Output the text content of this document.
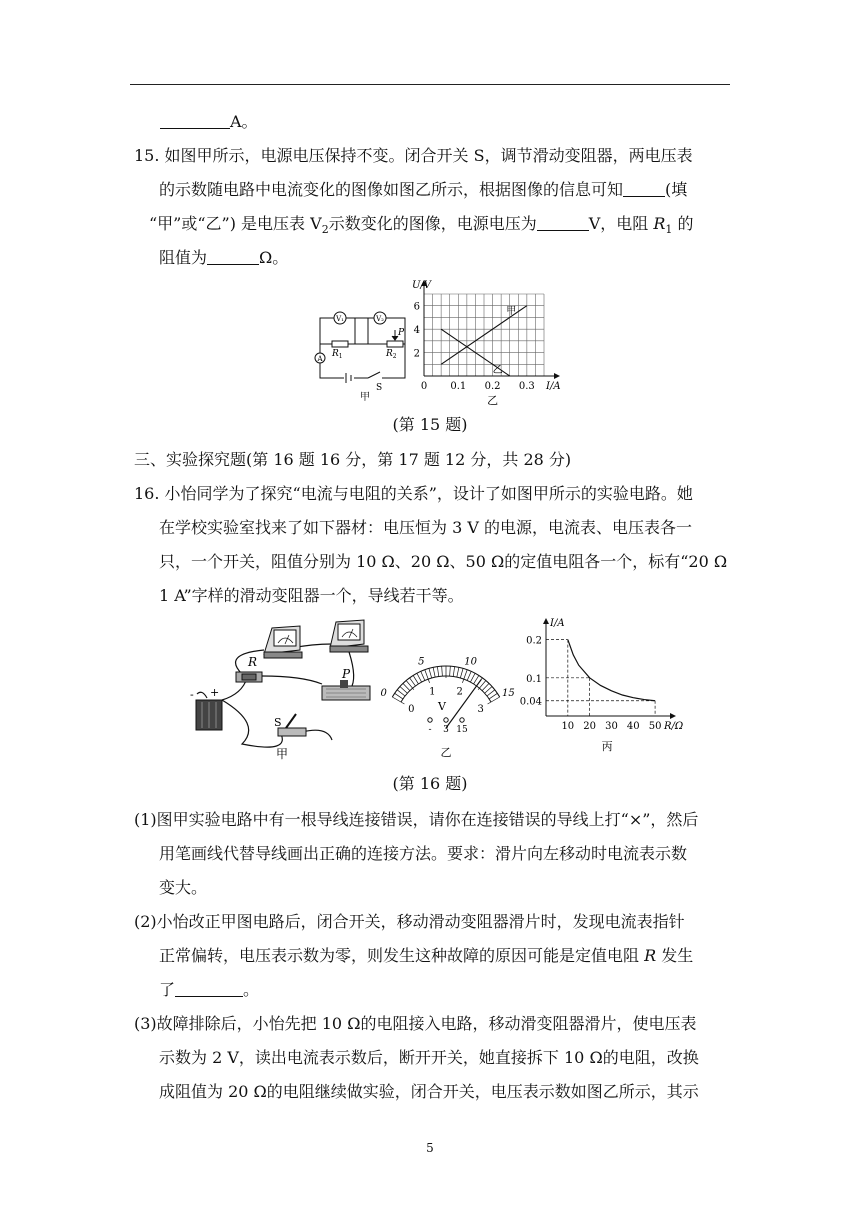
A。
15. 如图甲所示，电源电压保持不变。闭合开关 S，调节滑动变阻器，两电压表
的示数随电路中电流变化的图像如图乙所示，根据图像的信息可知	(填
“甲”或“乙”) 是电压表 $V_2$示数变化的图像，电源电压为	V，电阻 $R_1$ 的
阻值为	Ω。
V₁	V₂
$R_1$
P
$R_2$
A
S
甲
0 0.1 0.2 0.3
2
4
6
I/A
U/V
甲
乙
乙
(第 15 题)
三、实验探究题(第 16 题 16 分，第 17 题 12 分，共 28 分)
16. 小怡同学为了探究“电流与电阻的关系”，设计了如图甲所示的实验电路。她
在学校实验室找来了如下器材：电压恒为 3 V 的电源，电流表、电压表各一
只，一个开关，阻值分别为 10 Ω、20 Ω、50 Ω的定值电阻各一个，标有“20 Ω
1 A”字样的滑动变阻器一个，导线若干等。
R
P
- +
S
甲
0
5	10
15
0
1 2
3
V
- 3 15
乙
10 20 30 40 50
0.04
0.1
0.2
R/Ω
I/A
丙
(第 16 题)
(1)图甲实验电路中有一根导线连接错误，请你在连接错误的导线上打“×”，然后
用笔画线代替导线画出正确的连接方法。要求：滑片向左移动时电流表示数
变大。
(2)小怡改正甲图电路后，闭合开关，移动滑动变阻器滑片时，发现电流表指针
正常偏转，电压表示数为零，则发生这种故障的原因可能是定值电阻 R 发生
了	。
(3)故障排除后，小怡先把 10 Ω的电阻接入电路，移动滑变阻器滑片，使电压表
示数为 2 V，读出电流表示数后，断开开关，她直接拆下 10 Ω的电阻，改换
成阻值为 20 Ω的电阻继续做实验，闭合开关，电压表示数如图乙所示，其示
5
